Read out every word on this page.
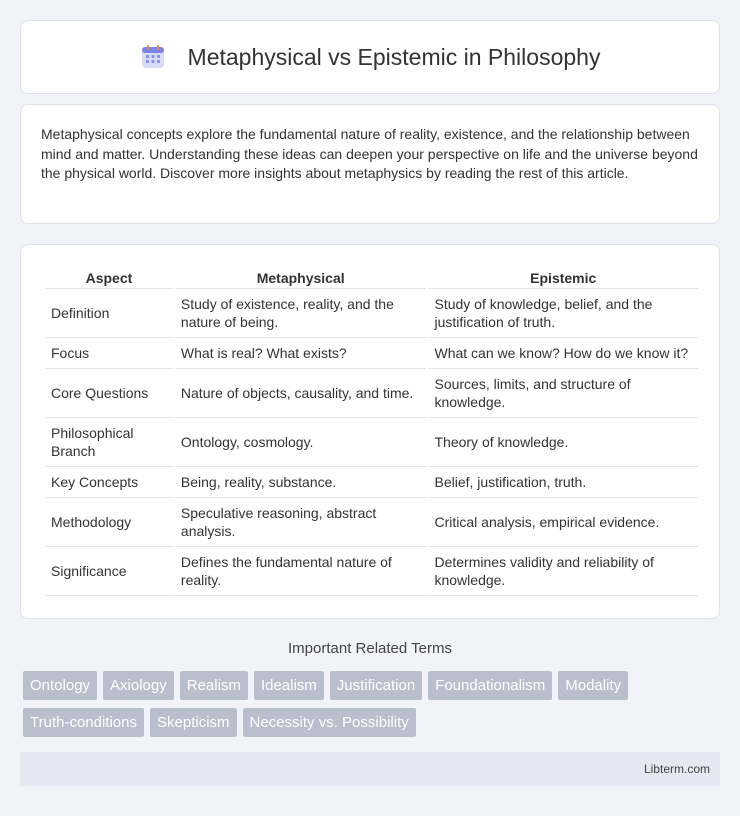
Metaphysical vs Epistemic in Philosophy

Metaphysical concepts explore the fundamental nature of reality, existence, and the relationship between mind and matter. Understanding these ideas can deepen your perspective on life and the universe beyond the physical world. Discover more insights about metaphysics by reading the rest of this article.

Aspect	Metaphysical	Epistemic
Definition	Study of existence, reality, and the nature of being.	Study of knowledge, belief, and the justification of truth.
Focus	What is real? What exists?	What can we know? How do we know it?
Core Questions	Nature of objects, causality, and time.	Sources, limits, and structure of knowledge.
Philosophical Branch	Ontology, cosmology.	Theory of knowledge.
Key Concepts	Being, reality, substance.	Belief, justification, truth.
Methodology	Speculative reasoning, abstract analysis.	Critical analysis, empirical evidence.
Significance	Defines the fundamental nature of reality.	Determines validity and reliability of knowledge.
Important Related Terms
Ontology	Axiology	Realism	Idealism	Justification	Foundationalism	Modality
Truth-conditions	Skepticism	Necessity vs. Possibility
Libterm.com
